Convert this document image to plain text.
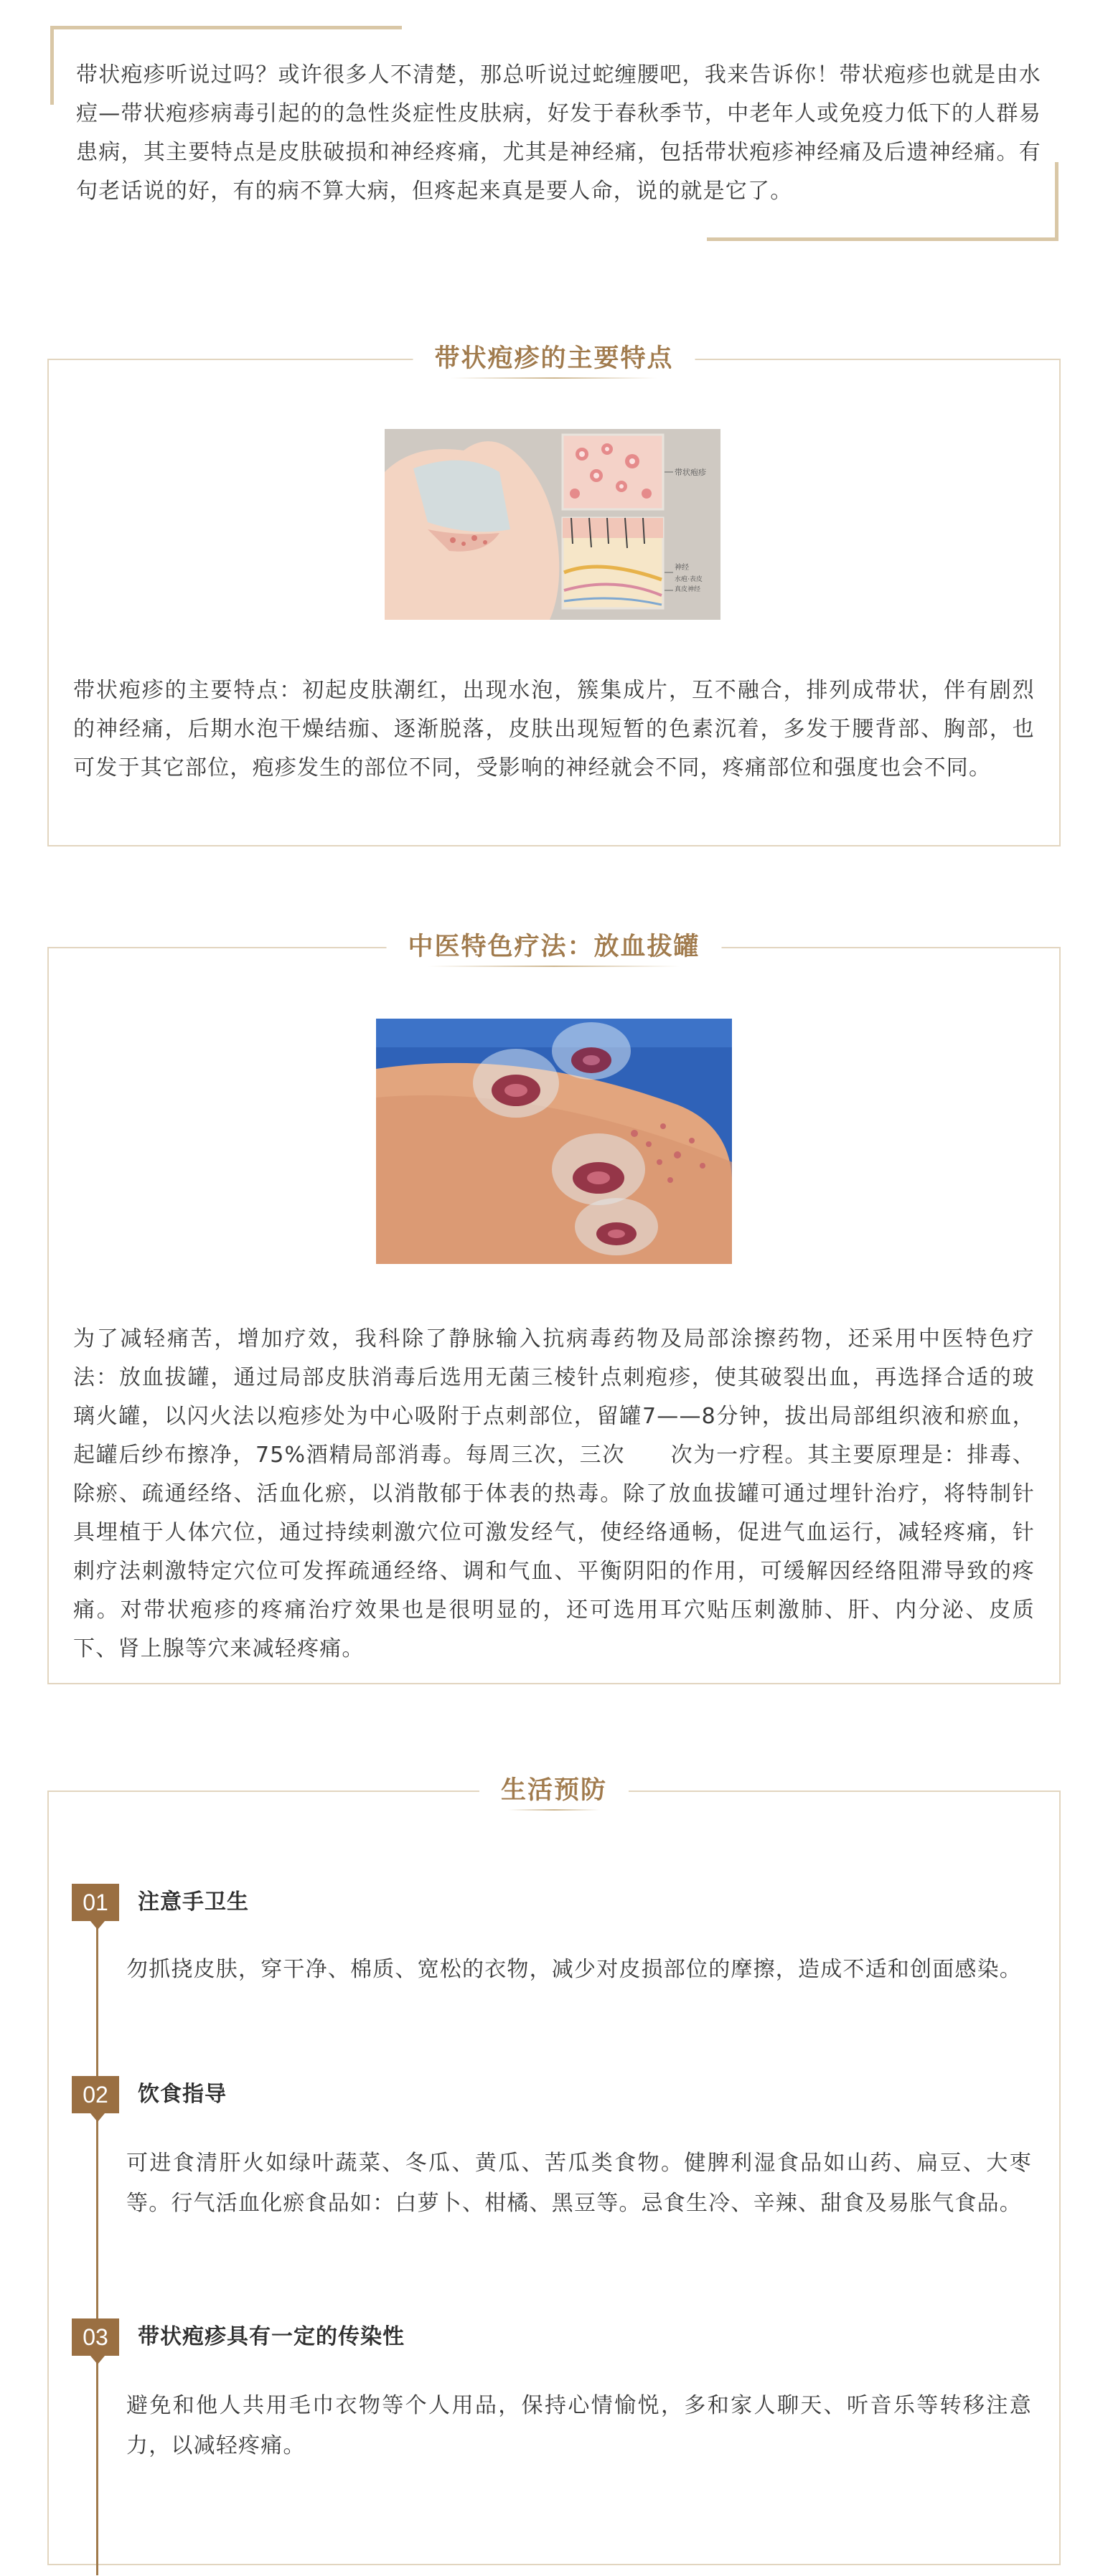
带状疱疹听说过吗？或许很多人不清楚，那总听说过蛇缠腰吧，我来告诉你！带状疱疹也就是由水痘—带状疱疹病毒引起的的急性炎症性皮肤病，好发于春秋季节，中老年人或免疫力低下的人群易患病，其主要特点是皮肤破损和神经疼痛，尤其是神经痛，包括带状疱疹神经痛及后遗神经痛。有句老话说的好，有的病不算大病，但疼起来真是要人命，说的就是它了。

带状疱疹的主要特点
带状疱疹
神经
水疱·表皮
真皮神经

带状疱疹的主要特点：初起皮肤潮红，出现水泡，簇集成片，互不融合，排列成带状，伴有剧烈的神经痛，后期水泡干燥结痂、逐渐脱落，皮肤出现短暂的色素沉着，多发于腰背部、胸部，也可发于其它部位，疱疹发生的部位不同，受影响的神经就会不同，疼痛部位和强度也会不同。

中医特色疗法：放血拔罐

为了减轻痛苦，增加疗效，我科除了静脉输入抗病毒药物及局部涂擦药物，还采用中医特色疗法：放血拔罐，通过局部皮肤消毒后选用无菌三棱针点刺疱疹，使其破裂出血，再选择合适的玻璃火罐，以闪火法以疱疹处为中心吸附于点刺部位，留罐7——8分钟，拔出局部组织液和瘀血，起罐后纱布擦净，75%酒精局部消毒。每周三次，三次　　次为一疗程。其主要原理是：排毒、除瘀、疏通经络、活血化瘀，以消散郁于体表的热毒。除了放血拔罐可通过埋针治疗，将特制针具埋植于人体穴位，通过持续刺激穴位可激发经气，使经络通畅，促进气血运行，减轻疼痛，针刺疗法刺激特定穴位可发挥疏通经络、调和气血、平衡阴阳的作用，可缓解因经络阻滞导致的疼痛。对带状疱疹的疼痛治疗效果也是很明显的，还可选用耳穴贴压刺激肺、肝、内分泌、皮质下、肾上腺等穴来减轻疼痛。

生活预防
01	注意手卫生

勿抓挠皮肤，穿干净、棉质、宽松的衣物，减少对皮损部位的摩擦，造成不适和创面感染。

02	饮食指导

可进食清肝火如绿叶蔬菜、冬瓜、黄瓜、苦瓜类食物。健脾利湿食品如山药、扁豆、大枣等。行气活血化瘀食品如：白萝卜、柑橘、黑豆等。忌食生冷、辛辣、甜食及易胀气食品。

03	带状疱疹具有一定的传染性

避免和他人共用毛巾衣物等个人用品，保持心情愉悦，多和家人聊天、听音乐等转移注意力，以减轻疼痛。
